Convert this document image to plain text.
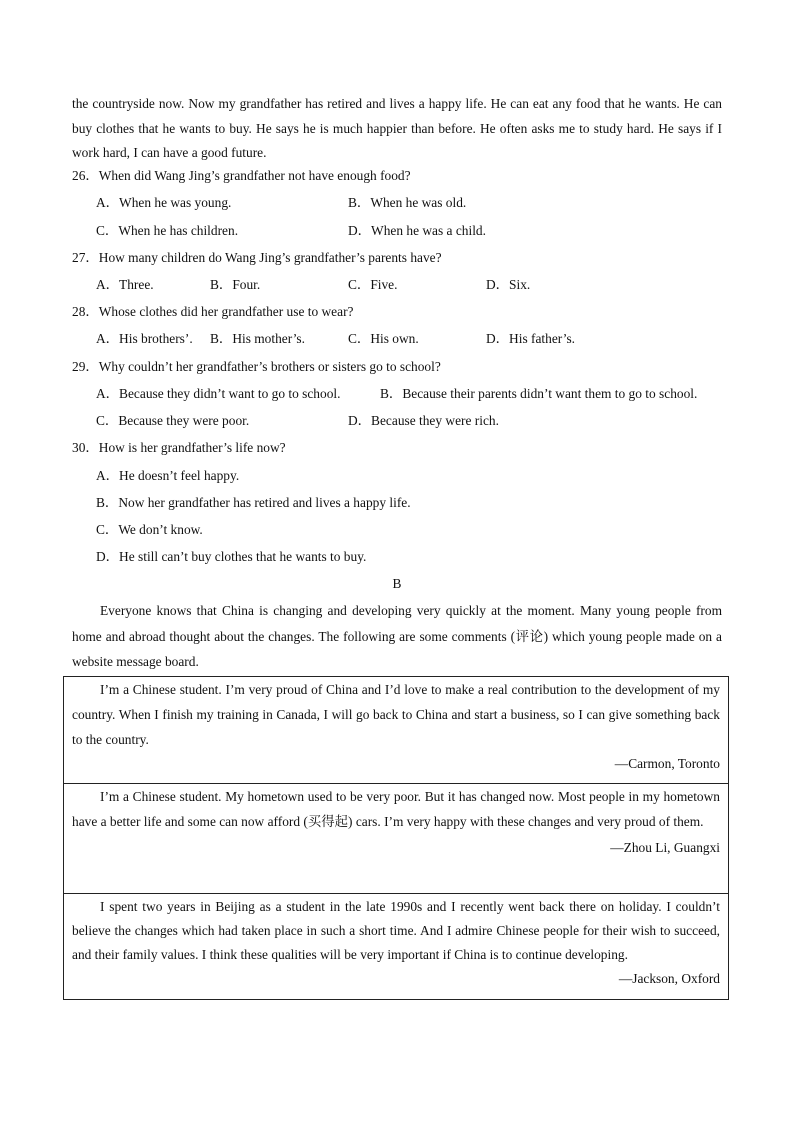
the countryside now. Now my grandfather has retired and lives a happy life. He can eat any food that he wants. He can buy clothes that he wants to buy. He says he is much happier than before. He often asks me to study hard. He says if I work hard, I can have a good future.

26．When did Wang Jing’s grandfather not have enough food?
A．When he was young.	B．When he was old.
C．When he has children.	D．When he was a child.
27．How many children do Wang Jing’s grandfather’s parents have?
A．Three.	B．Four.	C．Five.	D．Six.
28．Whose clothes did her grandfather use to wear?
A．His brothers’. B．His mother’s.	C．His own.	D．His father’s.
29．Why couldn’t her grandfather’s brothers or sisters go to school?
A．Because they didn’t want to go to school.	B．Because their parents didn’t want them to go to school.
C．Because they were poor.	D．Because they were rich.
30．How is her grandfather’s life now?
A．He doesn’t feel happy.
B．Now her grandfather has retired and lives a happy life.
C．We don’t know.
D．He still can’t buy clothes that he wants to buy.
B

Everyone knows that China is changing and developing very quickly at the moment. Many young people from home and abroad thought about the changes. The following are some comments (评论) which young people made on a website message board.

I’m a Chinese student. I’m very proud of China and I’d love to make a real contribution to the development of my country. When I finish my training in Canada, I will go back to China and start a business, so I can give something back to the country.

—Carmon, Toronto

I’m a Chinese student. My hometown used to be very poor. But it has changed now. Most people in my hometown have a better life and some can now afford (买得起) cars. I’m very happy with these changes and very proud of them.

—Zhou Li, Guangxi

I spent two years in Beijing as a student in the late 1990s and I recently went back there on holiday. I couldn’t believe the changes which had taken place in such a short time. And I admire Chinese people for their wish to succeed, and their family values. I think these qualities will be very important if China is to continue developing.

—Jackson, Oxford
